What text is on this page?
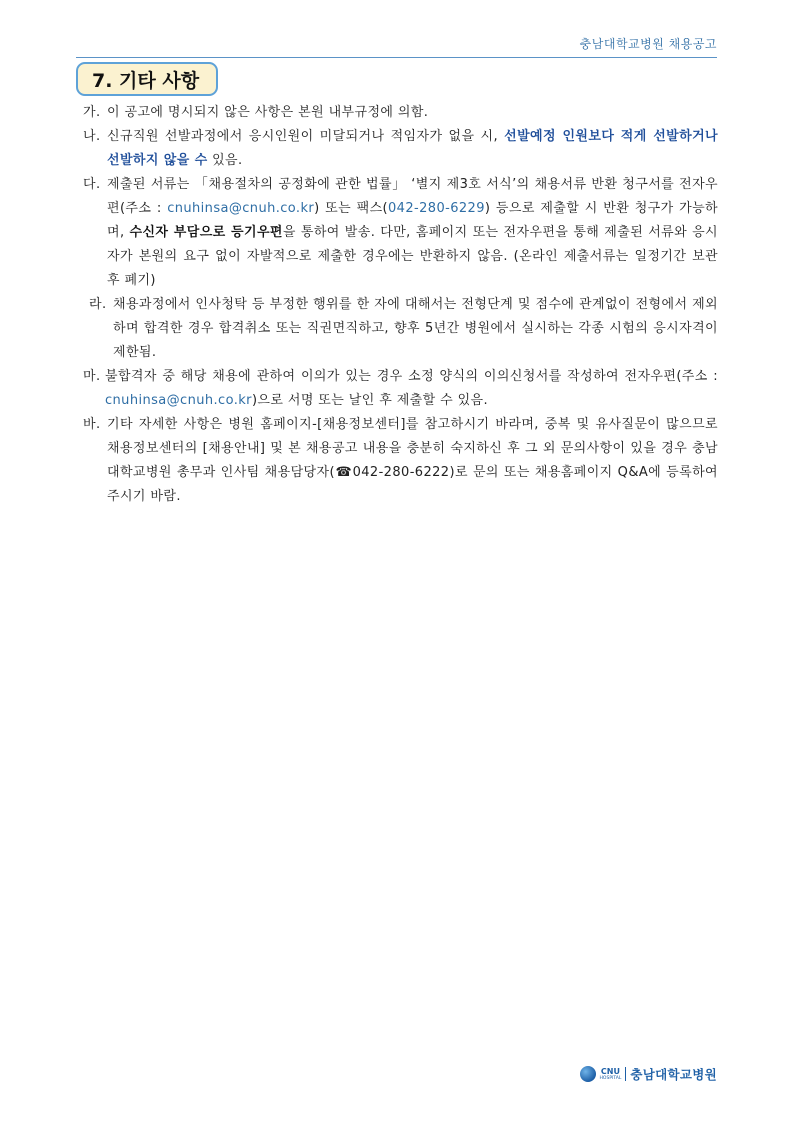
충남대학교병원 채용공고
7. 기타 사항
가. 이 공고에 명시되지 않은 사항은 본원 내부규정에 의함.
나. 신규직원 선발과정에서 응시인원이 미달되거나 적임자가 없을 시, 선발예정 인원보다 적게 선발하거나 선발하지 않을 수 있음.
다. 제출된 서류는 「채용절차의 공정화에 관한 법률」 ‘별지 제3호 서식’의 채용서류 반환 청구서를 전자우편(주소 : cnuhinsa@cnuh.co.kr) 또는 팩스(042-280-6229) 등으로 제출할 시 반환 청구가 가능하며, 수신자 부담으로 등기우편을 통하여 발송. 다만, 홈페이지 또는 전자우편을 통해 제출된 서류와 응시자가 본원의 요구 없이 자발적으로 제출한 경우에는 반환하지 않음. (온라인 제출서류는 일정기간 보관 후 폐기)
라. 채용과정에서 인사청탁 등 부정한 행위를 한 자에 대해서는 전형단계 및 점수에 관계없이 전형에서 제외하며 합격한 경우 합격취소 또는 직권면직하고, 향후 5년간 병원에서 실시하는 각종 시험의 응시자격이 제한됨.
마. 불합격자 중 해당 채용에 관하여 이의가 있는 경우 소정 양식의 이의신청서를 작성하여 전자우편(주소 : cnuhinsa@cnuh.co.kr)으로 서명 또는 날인 후 제출할 수 있음.
바. 기타 자세한 사항은 병원 홈페이지-[채용정보센터]를 참고하시기 바라며, 중복 및 유사질문이 많으므로 채용정보센터의 [채용안내] 및 본 채용공고 내용을 충분히 숙지하신 후 그 외 문의사항이 있을 경우 충남대학교병원 총무과 인사팀 채용담당자(☎042-280-6222)로 문의 또는 채용홈페이지 Q&A에 등록하여 주시기 바람.
CNU
HOSPITAL 충남대학교병원
